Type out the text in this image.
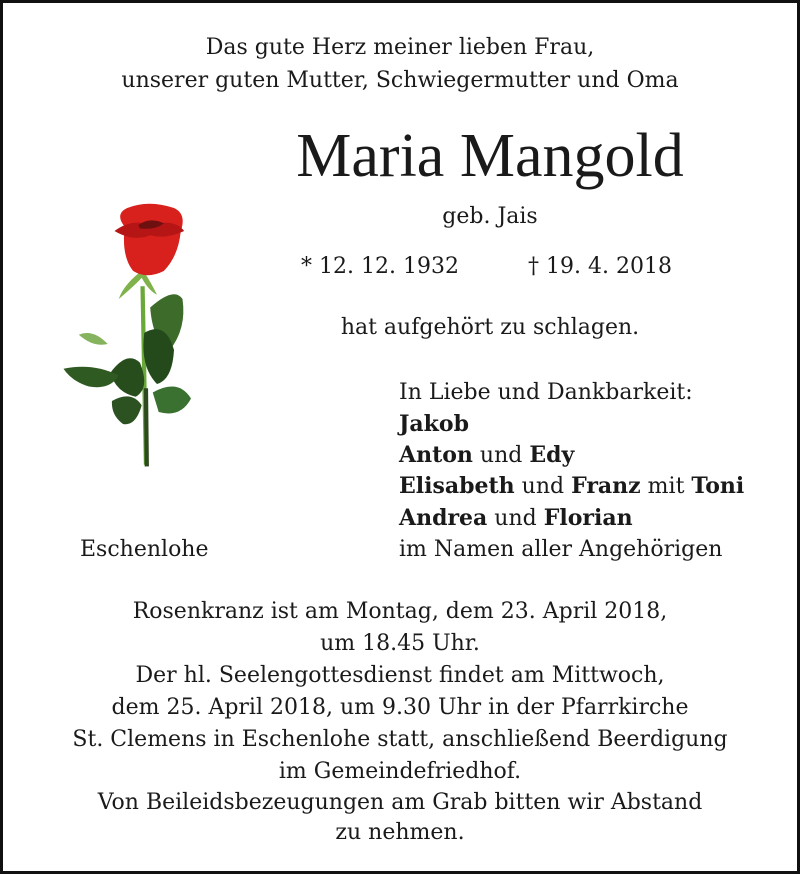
Das gute Herz meiner lieben Frau,
unserer guten Mutter, Schwiegermutter und Oma
Maria Mangold
geb. Jais
* 12. 12. 1932	† 19. 4. 2018
hat aufgehört zu schlagen.
Eschenlohe
In Liebe und Dankbarkeit:
Jakob
Anton und Edy
Elisabeth und Franz mit Toni
Andrea und Florian
im Namen aller Angehörigen
Rosenkranz ist am Montag, dem 23. April 2018,
um 18.45 Uhr.
Der hl. Seelengottesdienst findet am Mittwoch,
dem 25. April 2018, um 9.30 Uhr in der Pfarrkirche
St. Clemens in Eschenlohe statt, anschließend Beerdigung
im Gemeindefriedhof.
Von Beileidsbezeugungen am Grab bitten wir Abstand
zu nehmen.
